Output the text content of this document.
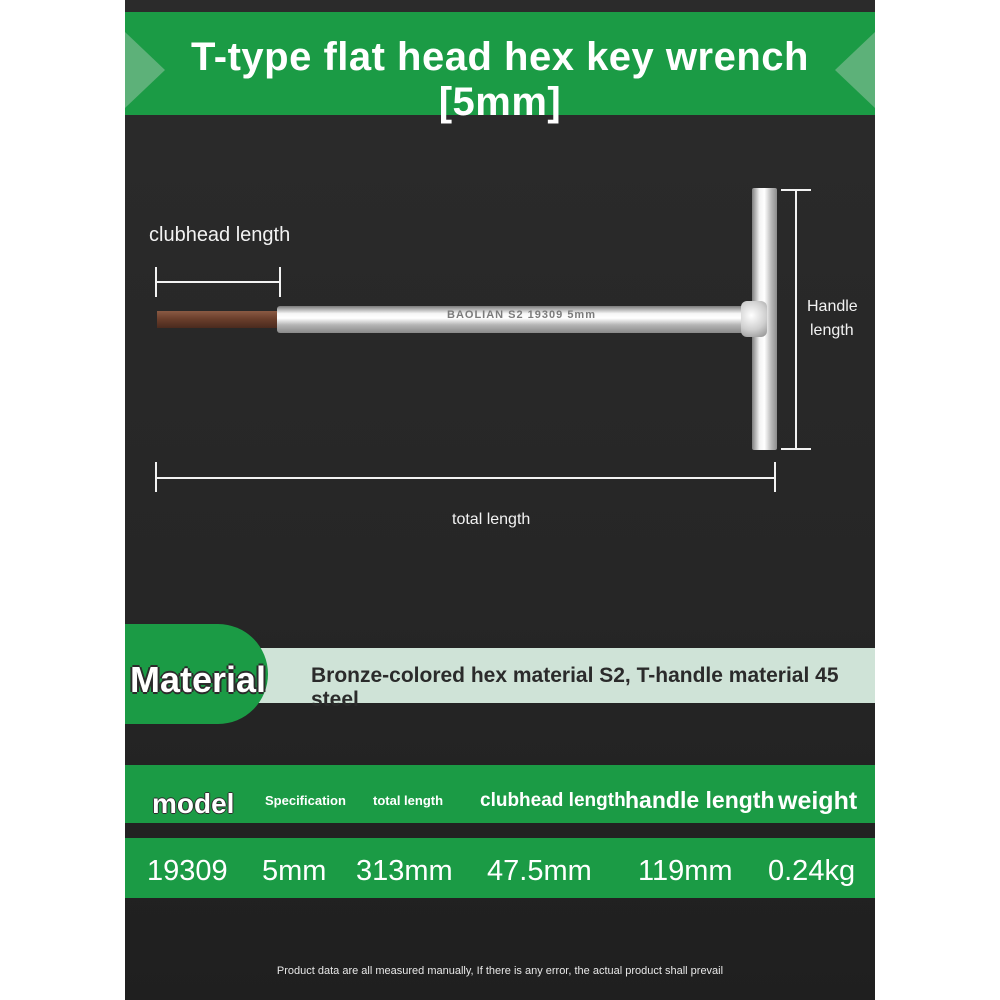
T-type flat head hex key wrench [5mm]
clubhead length
BAOLIAN S2 19309 5mm	Handle
length
total length
Material Bronze-colored hex material S2, T-handle material 45 steel
model Specification total length clubhead length handle length weight
19309 5mm 313mm 47.5mm 119mm 0.24kg
Product data are all measured manually, If there is any error, the actual product shall prevail
